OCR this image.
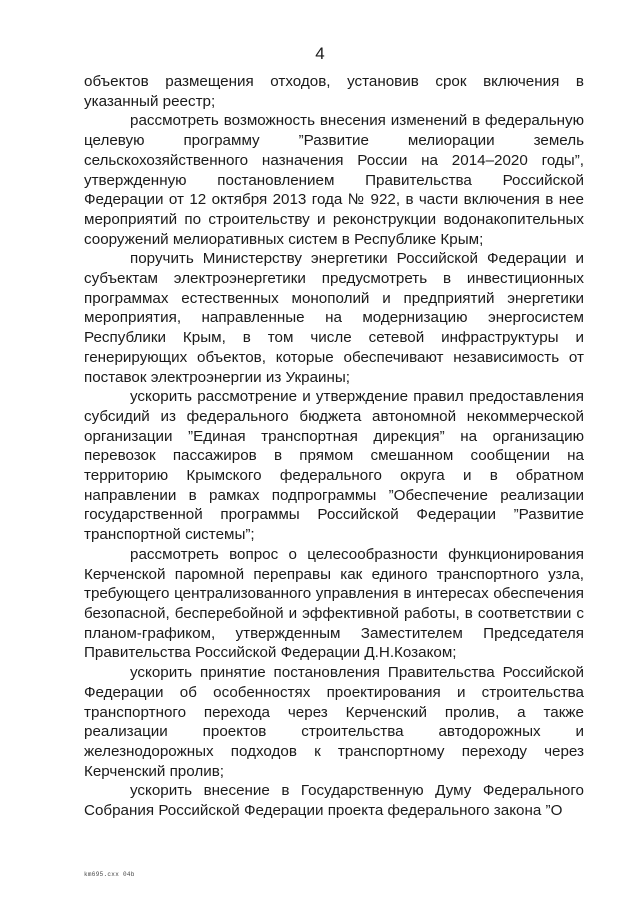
4

объектов размещения отходов, установив срок включения в указанный реестр;

рассмотреть возможность внесения изменений в федеральную целевую программу ”Развитие мелиорации земель сельскохозяйственного назначения России на 2014–2020 годы”, утвержденную постановлением Правительства Российской Федерации от 12 октября 2013 года № 922, в части включения в нее мероприятий по строительству и реконструкции водонакопительных сооружений мелиоративных систем в Республике Крым;

поручить Министерству энергетики Российской Федерации и субъектам электроэнергетики предусмотреть в инвестиционных программах естественных монополий и предприятий энергетики мероприятия, направленные на модернизацию энергосистем Республики Крым, в том числе сетевой инфраструктуры и генерирующих объектов, которые обеспечивают независимость от поставок электроэнергии из Украины;

ускорить рассмотрение и утверждение правил предоставления субсидий из федерального бюджета автономной некоммерческой организации ”Единая транспортная дирекция” на организацию перевозок пассажиров в прямом смешанном сообщении на территорию Крымского федерального округа и в обратном направлении в рамках подпрограммы ”Обеспечение реализации государственной программы Российской Федерации ”Развитие транспортной системы”;

рассмотреть вопрос о целесообразности функционирования Керченской паромной переправы как единого транспортного узла, требующего централизованного управления в интересах обеспечения безопасной, бесперебойной и эффективной работы, в соответствии с планом-графиком, утвержденным Заместителем Председателя Правительства Российской Федерации Д.Н.Козаком;

ускорить принятие постановления Правительства Российской Федерации об особенностях проектирования и строительства транспортного перехода через Керченский пролив, а также реализации проектов строительства автодорожных и железнодорожных подходов к транспортному переходу через Керченский пролив;

ускорить внесение в Государственную Думу Федерального Собрания Российской Федерации проекта федерального закона ”О

km695.cxx 04b
